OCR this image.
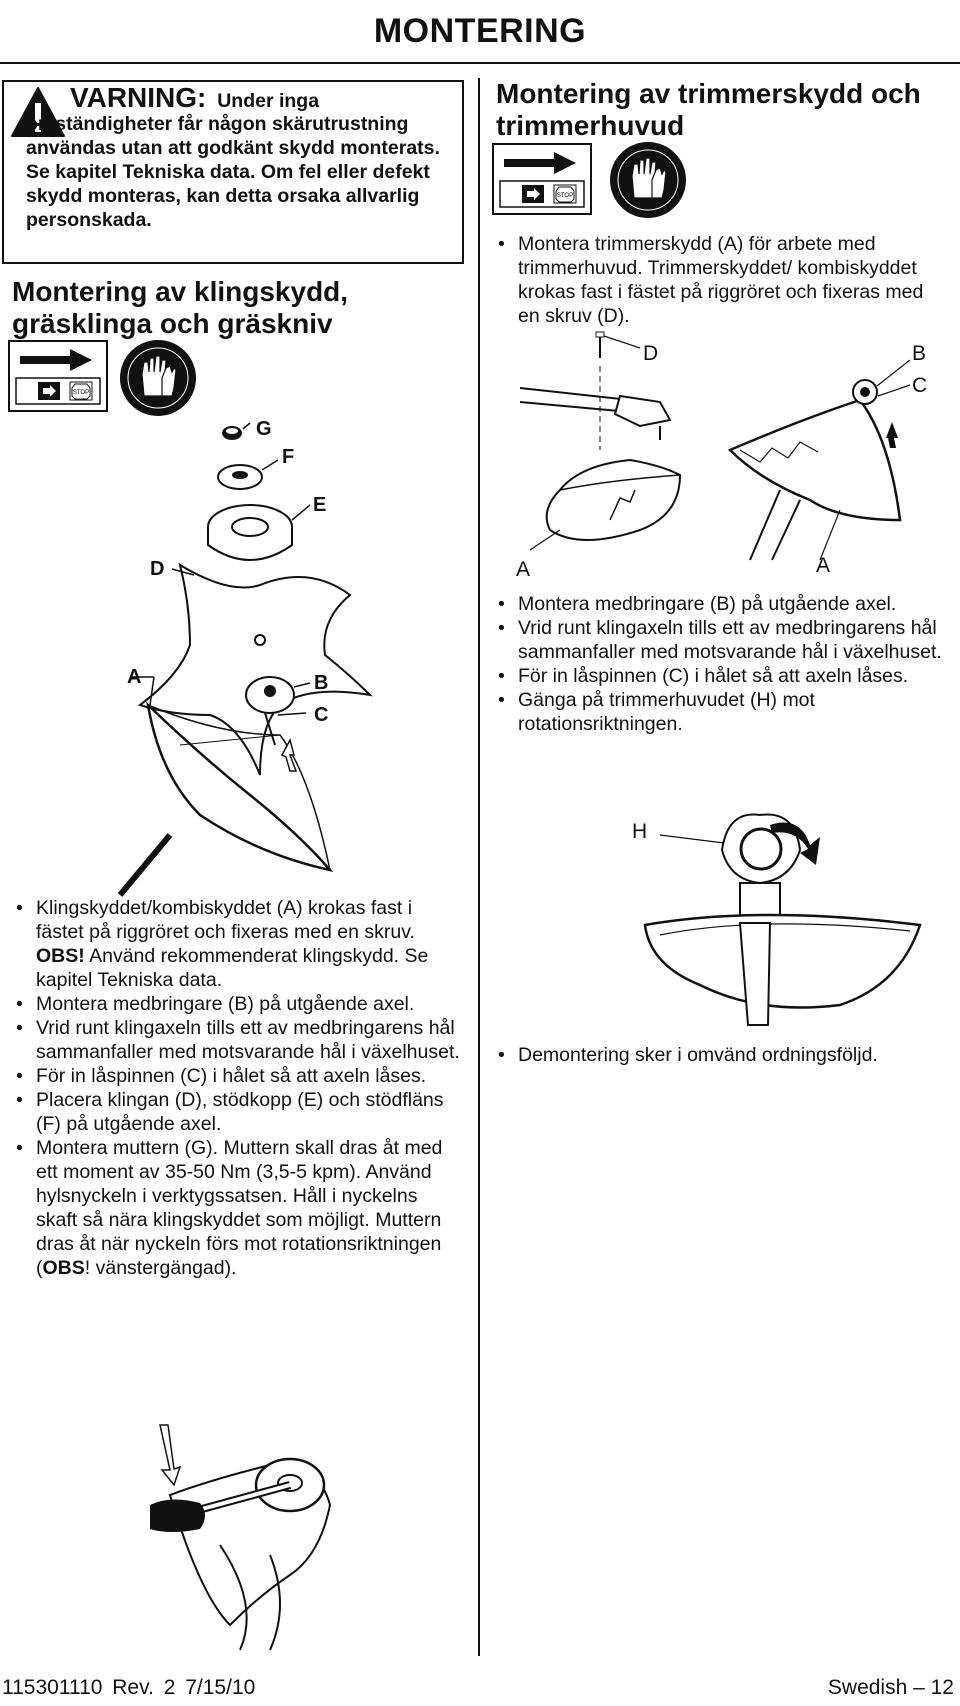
MONTERING
VARNING: Under inga
omständigheter får någon skärutrustning användas utan att godkänt skydd monterats. Se kapitel Tekniska data. Om fel eller defekt skydd monteras, kan detta orsaka allvarlig personskada.
Montering av klingskydd, gräsklinga och gräskniv
STOP
G
F
E
D
A	B
C
• Klingskyddet/kombiskyddet (A) krokas fast i fästet på riggröret och fixeras med en skruv.
OBS! Använd rekommenderat klingskydd. Se kapitel Tekniska data.
• Montera medbringare (B) på utgående axel.
• Vrid runt klingaxeln tills ett av medbringarens hål sammanfaller med motsvarande hål i växelhuset.
• För in låspinnen (C) i hålet så att axeln låses.
• Placera klingan (D), stödkopp (E) och stödfläns (F) på utgående axel.
• Montera muttern (G). Muttern skall dras åt med ett moment av 35-50 Nm (3,5-5 kpm). Använd hylsnyckeln i verktygssatsen. Håll i nyckelns skaft så nära klingskyddet som möjligt. Muttern dras åt när nyckeln förs mot rotationsriktningen (OBS! vänstergängad).
Montering av trimmerskydd och trimmerhuvud
STOP
• Montera trimmerskydd (A) för arbete med trimmerhuvud. Trimmerskyddet/ kombiskyddet krokas fast i fästet på riggröret och fixeras med en skruv (D).
D	B
C
A	A
• Montera medbringare (B) på utgående axel.
• Vrid runt klingaxeln tills ett av medbringarens hål sammanfaller med motsvarande hål i växelhuset.
• För in låspinnen (C) i hålet så att axeln låses.
• Gänga på trimmerhuvudet (H) mot rotationsriktningen.
H
• Demontering sker i omvänd ordningsföljd.
115301110 Rev. 2 7/15/10	Swedish – 12
